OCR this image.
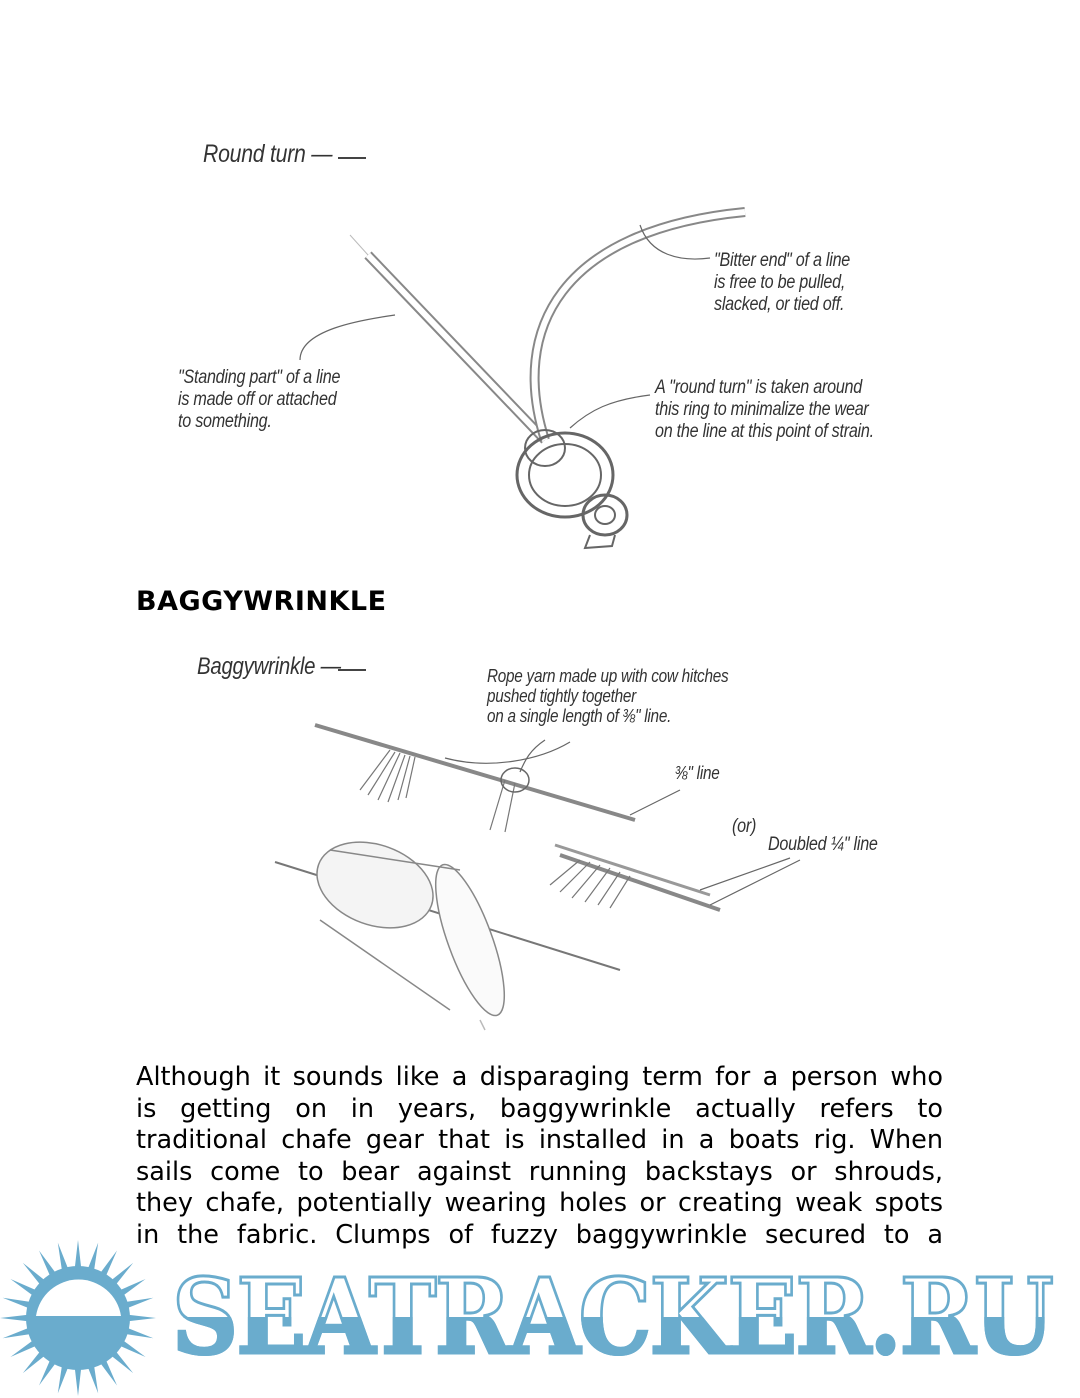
Round turn —
"Bitter end" of a line
is free to be pulled,
slacked, or tied off.
"Standing part" of a line
is made off or attached
to something.
A "round turn" is taken around
this ring to minimalize the wear
on the line at this point of strain.
BAGGYWRINKLE
Baggywrinkle —	Rope yarn made up with cow hitches
pushed tightly together
on a single length of ⅜" line.
⅜" line
(or)
Doubled ¼" line
Although it sounds like a disparaging term for a person who
is getting on in years, baggywrinkle actually refers to
traditional chafe gear that is installed in a boats rig. When
sails come to bear against running backstays or shrouds,
they chafe, potentially wearing holes or creating weak spots
in the fabric. Clumps of fuzzy baggywrinkle secured to a
SEATRACKER.RU
